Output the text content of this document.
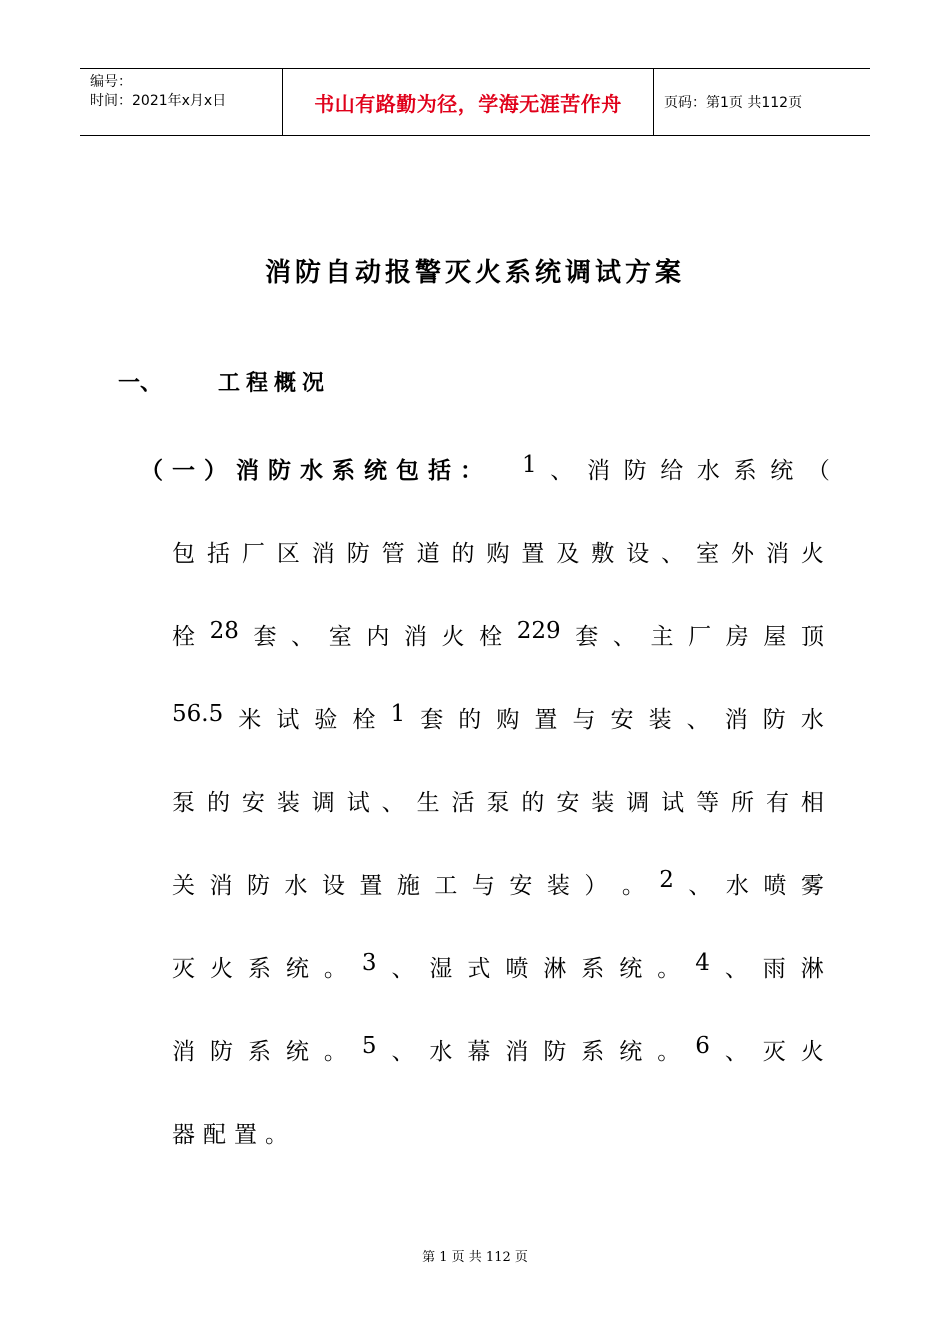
编号：
时间：2021年x月x日	书山有路勤为径，学海无涯苦作舟	页码：第1页 共112页
消防自动报警灭火系统调试方案
一、	工程概况
（一）消防水系统包括： 1 、 消 防 给 水 系 统 （
包 括 厂 区 消 防 管 道 的 购 置 及 敷 设 、 室 外 消 火
栓 28 套 、 室 内 消 火 栓 229 套 、 主 厂 房 屋 顶
56.5 米 试 验 栓 1 套 的 购 置 与 安 装 、 消 防 水
泵 的 安 装 调 试 、 生 活 泵 的 安 装 调 试 等 所 有 相
关 消 防 水 设 置 施 工 与 安 装 ） 。 2 、 水 喷 雾
灭 火 系 统 。 3 、 湿 式 喷 淋 系 统 。 4 、 雨 淋
消 防 系 统 。 5 、 水 幕 消 防 系 统 。 6 、 灭 火
器配置。
第 1 页 共 112 页
